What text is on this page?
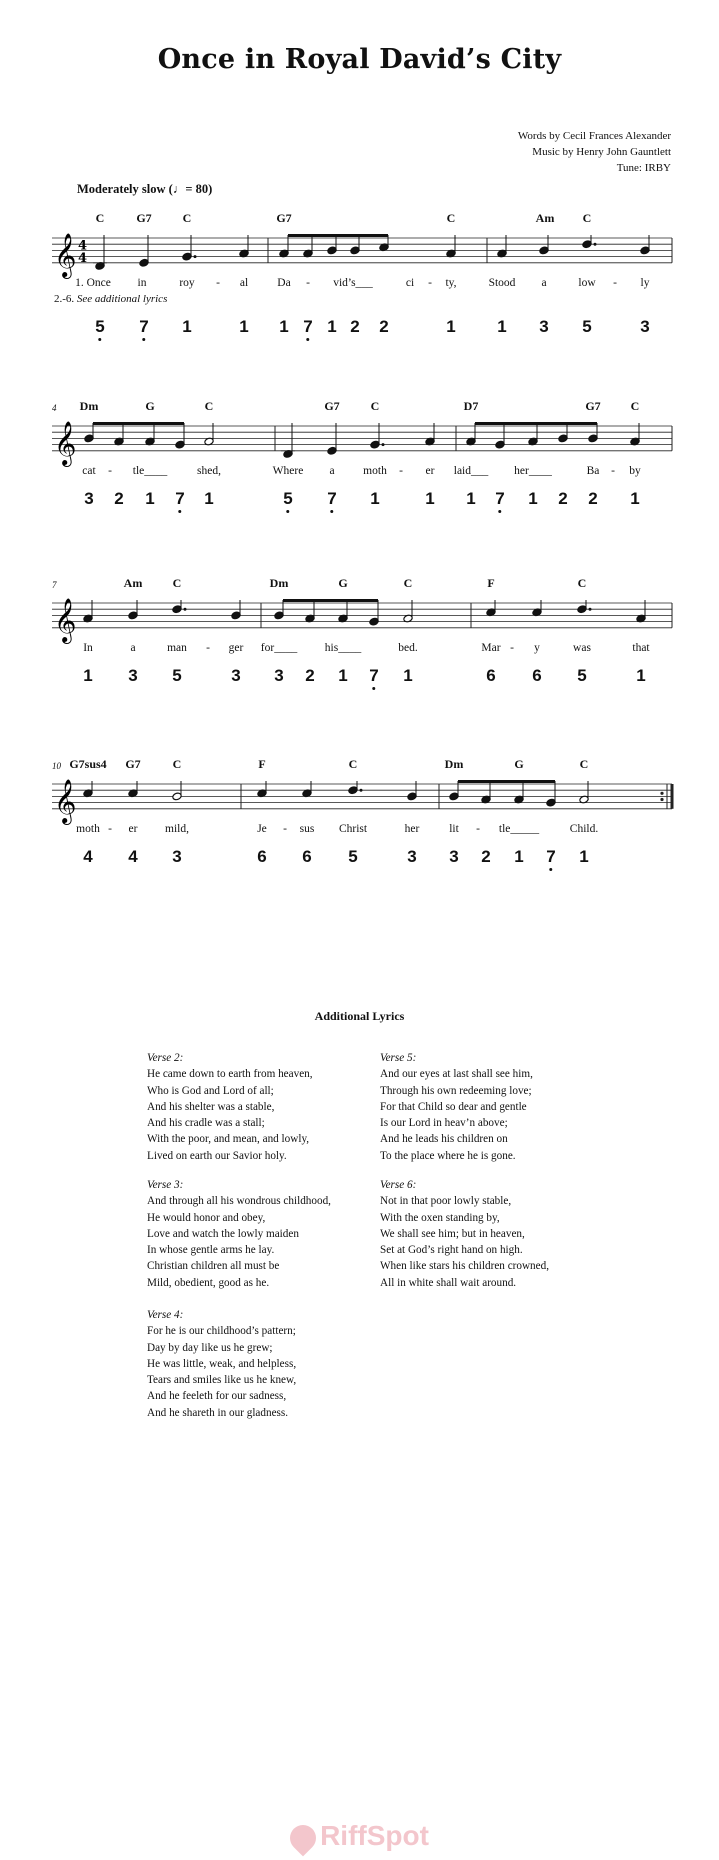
Once in Royal David’s City
Words by Cecil Frances Alexander
Music by Henry John Gauntlett
Tune: IRBY
Moderately slow (♩= 80)
𝄞 4
4
C	G7	C	G7	C	Am C
1. Once in	roy - al	Da - vid’s___	ci - ty,	Stood a	low - ly
2.-6. See additional lyrics
5 7 1	1 1 7 1 2 2	1 1 3 5	3
𝄞
4 Dm	G	C	G7	C	D7	G7 C
cat - tle____	shed,	Where a moth - er laid___ her____	Ba - by
3 2 1 7 1	5 7 1	1 1 7 1 2 2 1
𝄞
7	Am	C	Dm	G	C	F	C
In	a	man - ger for____ his____	bed.	Mar - y	was	that
1 3 5	3 3 2 1 7 1	6 6 5	1
𝄞
10 G7sus4 G7	C	F	C	Dm	G	C
moth - er mild,	Je - sus Christ	her	lit - tle_____	Child.
4 4 3	6 6 5	3 3 2 1 7 1
Additional Lyrics
Verse 2:
He came down to earth from heaven,
Who is God and Lord of all;
And his shelter was a stable,
And his cradle was a stall;
With the poor, and mean, and lowly,
Lived on earth our Savior holy.
Verse 3:
And through all his wondrous childhood,
He would honor and obey,
Love and watch the lowly maiden
In whose gentle arms he lay.
Christian children all must be
Mild, obedient, good as he.
Verse 4:
For he is our childhood’s pattern;
Day by day like us he grew;
He was little, weak, and helpless,
Tears and smiles like us he knew,
And he feeleth for our sadness,
And he shareth in our gladness.
Verse 5:
And our eyes at last shall see him,
Through his own redeeming love;
For that Child so dear and gentle
Is our Lord in heav’n above;
And he leads his children on
To the place where he is gone.
Verse 6:
Not in that poor lowly stable,
With the oxen standing by,
We shall see him; but in heaven,
Set at God’s right hand on high.
When like stars his children crowned,
All in white shall wait around.
RiffSpot
